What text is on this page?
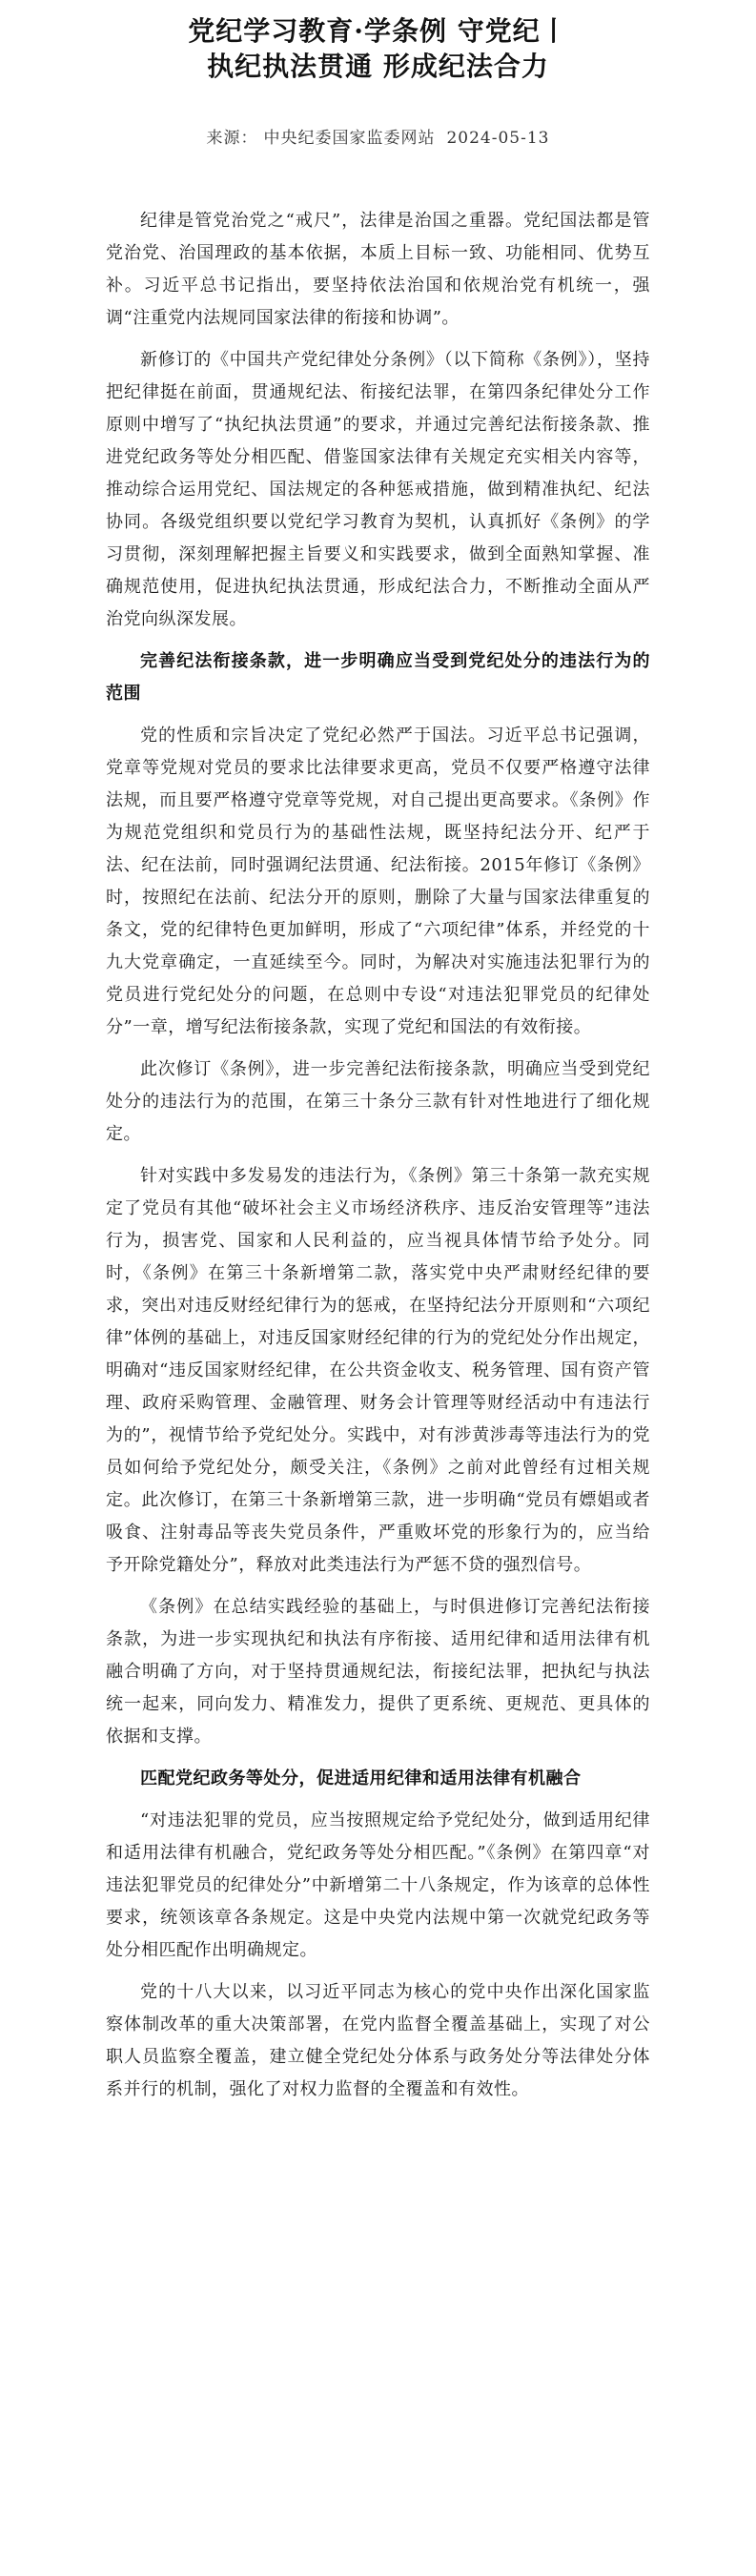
党纪学习教育·学条例 守党纪丨
执纪执法贯通 形成纪法合力
来源： 中央纪委国家监委网站 2024-05-13

纪律是管党治党之“戒尺”，法律是治国之重器。党纪国法都是管党治党、治国理政的基本依据，本质上目标一致、功能相同、优势互补。习近平总书记指出，要坚持依法治国和依规治党有机统一，强调“注重党内法规同国家法律的衔接和协调”。

新修订的《中国共产党纪律处分条例》（以下简称《条例》），坚持把纪律挺在前面，贯通规纪法、衔接纪法罪，在第四条纪律处分工作原则中增写了“执纪执法贯通”的要求，并通过完善纪法衔接条款、推进党纪政务等处分相匹配、借鉴国家法律有关规定充实相关内容等，推动综合运用党纪、国法规定的各种惩戒措施，做到精准执纪、纪法协同。各级党组织要以党纪学习教育为契机，认真抓好《条例》的学习贯彻，深刻理解把握主旨要义和实践要求，做到全面熟知掌握、准确规范使用，促进执纪执法贯通，形成纪法合力，不断推动全面从严治党向纵深发展。

完善纪法衔接条款，进一步明确应当受到党纪处分的违法行为的范围

党的性质和宗旨决定了党纪必然严于国法。习近平总书记强调，党章等党规对党员的要求比法律要求更高，党员不仅要严格遵守法律法规，而且要严格遵守党章等党规，对自己提出更高要求。《条例》作为规范党组织和党员行为的基础性法规，既坚持纪法分开、纪严于法、纪在法前，同时强调纪法贯通、纪法衔接。2015年修订《条例》时，按照纪在法前、纪法分开的原则，删除了大量与国家法律重复的条文，党的纪律特色更加鲜明，形成了“六项纪律”体系，并经党的十九大党章确定，一直延续至今。同时，为解决对实施违法犯罪行为的党员进行党纪处分的问题，在总则中专设“对违法犯罪党员的纪律处分”一章，增写纪法衔接条款，实现了党纪和国法的有效衔接。

此次修订《条例》，进一步完善纪法衔接条款，明确应当受到党纪处分的违法行为的范围，在第三十条分三款有针对性地进行了细化规定。

针对实践中多发易发的违法行为，《条例》第三十条第一款充实规定了党员有其他“破坏社会主义市场经济秩序、违反治安管理等”违法行为，损害党、国家和人民利益的，应当视具体情节给予处分。同时，《条例》在第三十条新增第二款，落实党中央严肃财经纪律的要求，突出对违反财经纪律行为的惩戒，在坚持纪法分开原则和“六项纪律”体例的基础上，对违反国家财经纪律的行为的党纪处分作出规定，明确对“违反国家财经纪律，在公共资金收支、税务管理、国有资产管理、政府采购管理、金融管理、财务会计管理等财经活动中有违法行为的”，视情节给予党纪处分。实践中，对有涉黄涉毒等违法行为的党员如何给予党纪处分，颇受关注，《条例》之前对此曾经有过相关规定。此次修订，在第三十条新增第三款，进一步明确“党员有嫖娼或者吸食、注射毒品等丧失党员条件，严重败坏党的形象行为的，应当给予开除党籍处分”，释放对此类违法行为严惩不贷的强烈信号。

《条例》在总结实践经验的基础上，与时俱进修订完善纪法衔接条款，为进一步实现执纪和执法有序衔接、适用纪律和适用法律有机融合明确了方向，对于坚持贯通规纪法，衔接纪法罪，把执纪与执法统一起来，同向发力、精准发力，提供了更系统、更规范、更具体的依据和支撑。

匹配党纪政务等处分，促进适用纪律和适用法律有机融合

“对违法犯罪的党员，应当按照规定给予党纪处分，做到适用纪律和适用法律有机融合，党纪政务等处分相匹配。”《条例》在第四章“对违法犯罪党员的纪律处分”中新增第二十八条规定，作为该章的总体性要求，统领该章各条规定。这是中央党内法规中第一次就党纪政务等处分相匹配作出明确规定。

党的十八大以来，以习近平同志为核心的党中央作出深化国家监察体制改革的重大决策部署，在党内监督全覆盖基础上，实现了对公职人员监察全覆盖，建立健全党纪处分体系与政务处分等法律处分体系并行的机制，强化了对权力监督的全覆盖和有效性。
